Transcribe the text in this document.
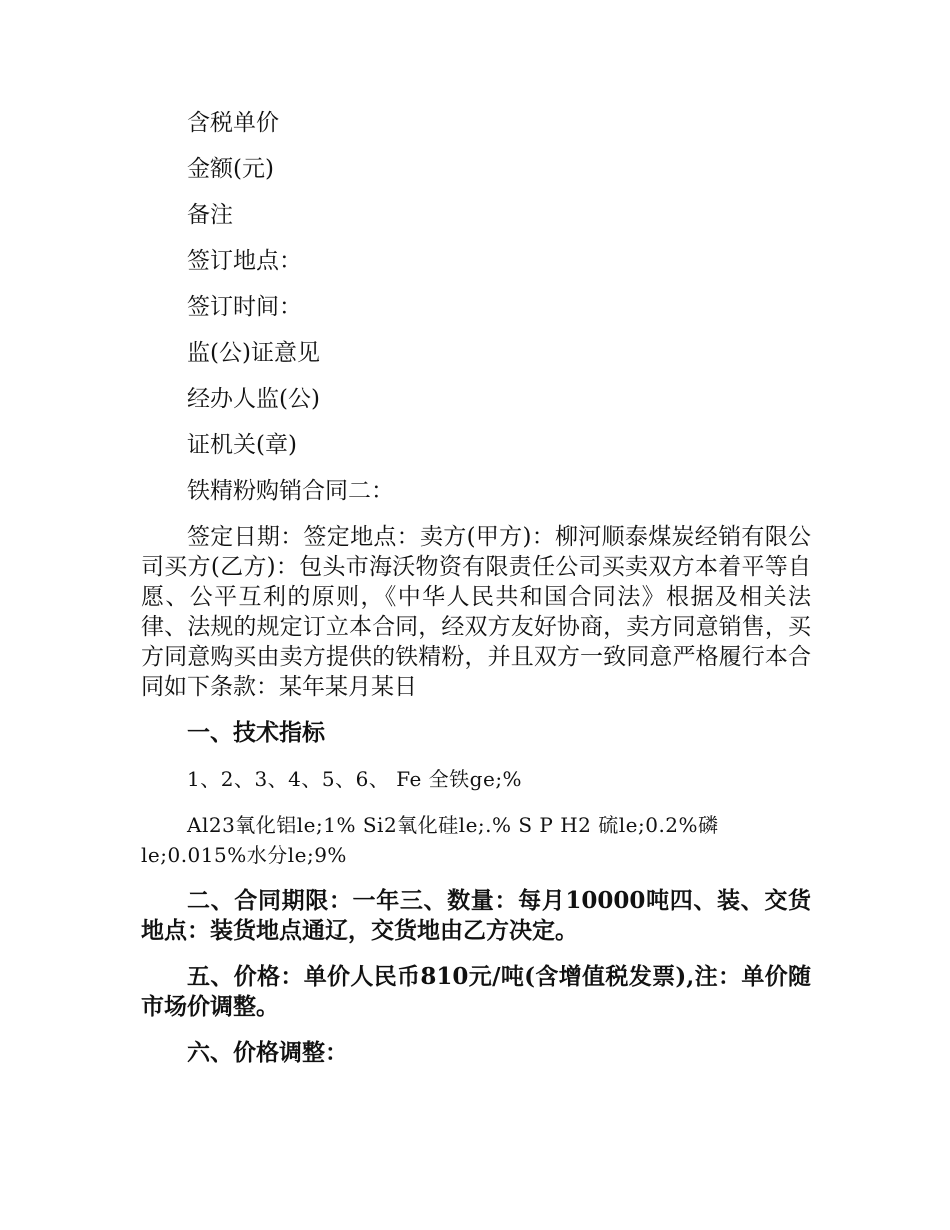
含税单价

金额(元)

备注

签订地点：

签订时间：

监(公)证意见

经办人监(公)

证机关(章)

铁精粉购销合同二：

签定日期：签定地点：卖方(甲方)：柳河顺泰煤炭经销有限公司买方(乙方)：包头市海沃物资有限责任公司买卖双方本着平等自愿、公平互利的原则，《中华人民共和国合同法》根据及相关法律、法规的规定订立本合同，经双方友好协商，卖方同意销售，买方同意购买由卖方提供的铁精粉，并且双方一致同意严格履行本合同如下条款：某年某月某日

一、技术指标

1、2、3、4、5、6、 Fe 全铁ge;%

Al23氧化铝le;1% Si2氧化硅le;.% S P H2 硫le;0.2%磷le;0.015%水分le;9%

二、合同期限：一年三、数量：每月10000吨四、装、交货地点：装货地点通辽，交货地由乙方决定。

五、价格：单价人民币810元/吨(含增值税发票),注：单价随市场价调整。

六、价格调整：
